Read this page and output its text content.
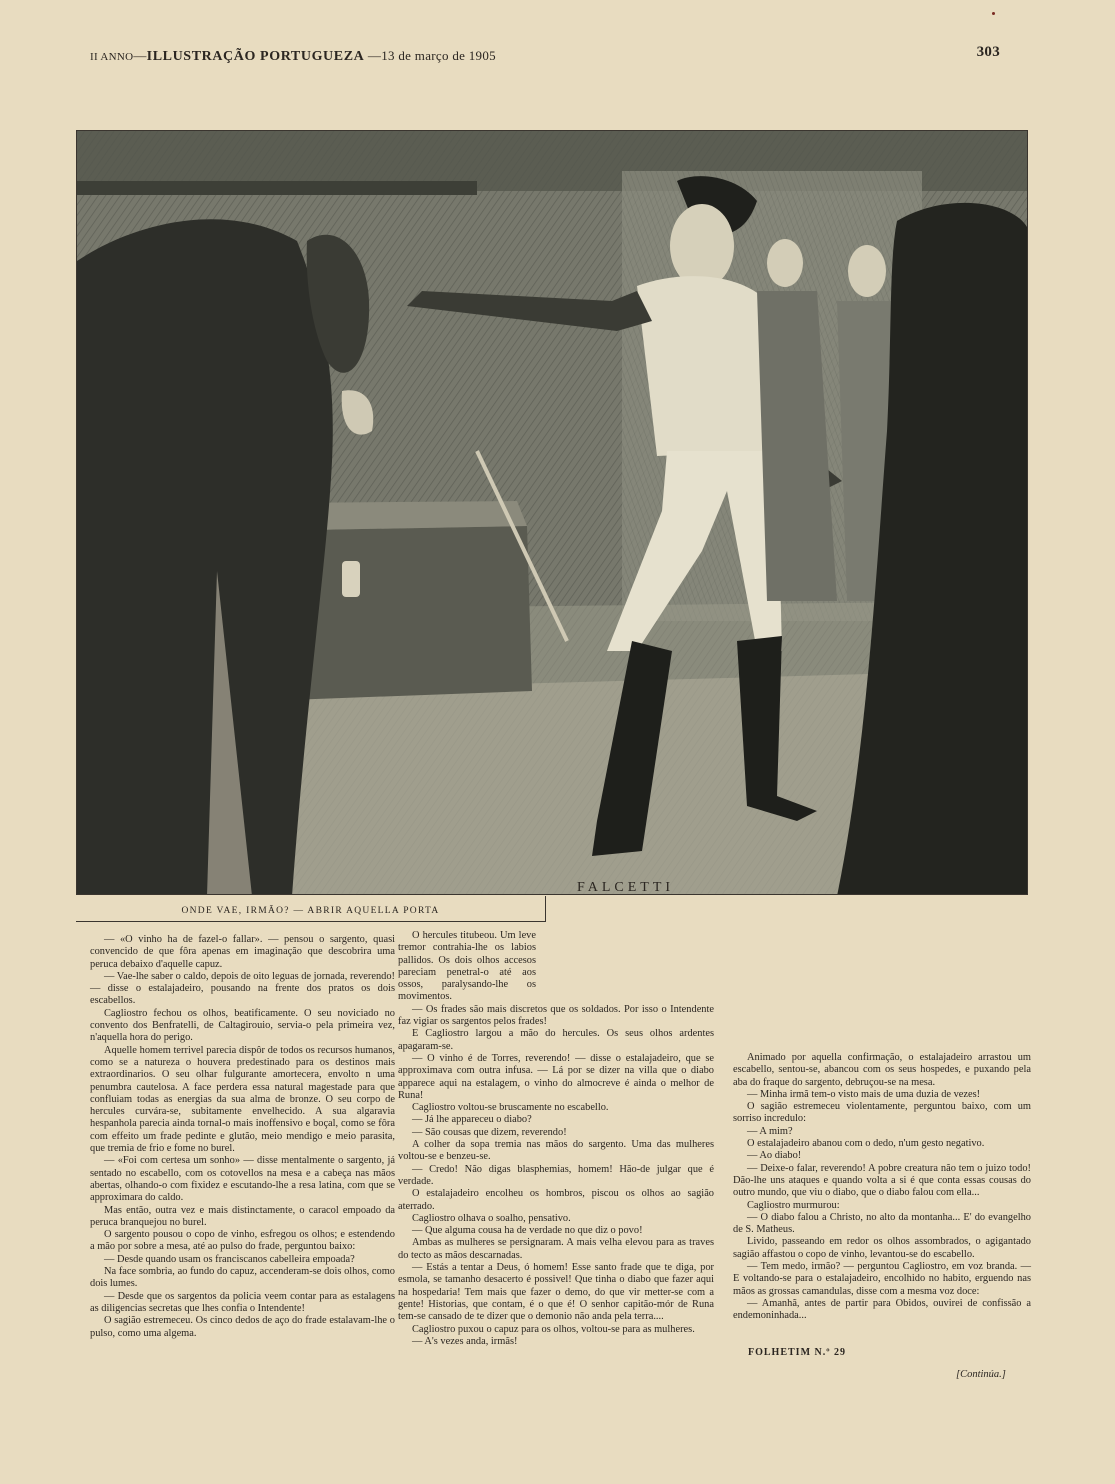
II ANNO—ILLUSTRAÇÃO PORTUGUEZA —13 de março de 1905	303
FALCETTI
ONDE VAE, IRMÃO? — ABRIR AQUELLA PORTA

— «O vinho ha de fazel-o fallar». — pensou o sargento, quasi convencido de que fôra apenas em imaginação que descobrira uma peruca debaixo d'aquelle capuz.

— Vae-lhe saber o caldo, depois de oito leguas de jornada, reverendo! — disse o estalajadeiro, pousando na frente dos pratos os dois escabellos.

Cagliostro fechou os olhos, beatificamente. O seu noviciado no convento dos Benfratelli, de Caltagirouio, servia-o pela primeira vez, n'aquella hora do perigo.

Aquelle homem terrivel parecia dispôr de todos os recursos humanos, como se a natureza o houvera predestinado para os destinos mais extraordinarios. O seu olhar fulgurante amortecera, envolto n uma penumbra cautelosa. A face perdera essa natural magestade para que confluiam todas as energias da sua alma de bronze. O seu corpo de hercules curvára-se, subitamente envelhecido. A sua algaravia hespanhola parecia ainda tornal-o mais inoffensivo e boçal, como se fôra com effeito um frade pedinte e glutão, meio mendigo e meio parasita, que tremia de frio e fome no burel.

— «Foi com certesa um sonho» — disse mentalmente o sargento, já sentado no escabello, com os cotovellos na mesa e a cabeça nas mãos abertas, olhando-o com fixidez e escutando-lhe a resa latina, com que se approximara do caldo.

Mas então, outra vez e mais distinctamente, o caracol empoado da peruca branquejou no burel.

O sargento pousou o copo de vinho, esfregou os olhos; e estendendo a mão por sobre a mesa, até ao pulso do frade, perguntou baixo:

— Desde quando usam os franciscanos cabelleira empoada?

Na face sombria, ao fundo do capuz, accenderam-se dois olhos, como dois lumes.

— Desde que os sargentos da policia veem contar para as estalagens as diligencias secretas que lhes confia o Intendente!

O sagião estremeceu. Os cinco dedos de aço do frade estalavam-lhe o pulso, como uma algema.

O hercules titubeou. Um leve tremor contrahia-lhe os labios pallidos. Os dois olhos accesos pareciam penetral-o até aos ossos, paralysando-lhe os movimentos.

— Os frades são mais discretos que os soldados. Por isso o Intendente faz vigiar os sargentos pelos frades!

E Cagliostro largou a mão do hercules. Os seus olhos ardentes apagaram-se.

— O vinho é de Torres, reverendo! — disse o estalajadeiro, que se approximava com outra infusa. — Lá por se dizer na villa que o diabo apparece aqui na estalagem, o vinho do almocreve é ainda o melhor de Runa!

Cagliostro voltou-se bruscamente no escabello.

— Já lhe appareceu o diabo?

— São cousas que dizem, reverendo!

A colher da sopa tremia nas mãos do sargento. Uma das mulheres voltou-se e benzeu-se.

— Credo! Não digas blasphemias, homem! Hão-de julgar que é verdade.

O estalajadeiro encolheu os hombros, piscou os olhos ao sagião aterrado.

Cagliostro olhava o soalho, pensativo.

— Que alguma cousa ha de verdade no que diz o povo!

Ambas as mulheres se persignaram. A mais velha elevou para as traves do tecto as mãos descarnadas.

— Estás a tentar a Deus, ó homem! Esse santo frade que te diga, por esmola, se tamanho desacerto é possivel! Que tinha o diabo que fazer aqui na hospedaria! Tem mais que fazer o demo, do que vir metter-se com a gente! Historias, que contam, é o que é! O senhor capitão-mór de Runa tem-se cansado de te dizer que o demonio não anda pela terra....

Cagliostro puxou o capuz para os olhos, voltou-se para as mulheres.

— A's vezes anda, irmãs!

Animado por aquella confirmação, o estalajadeiro arrastou um escabello, sentou-se, abancou com os seus hospedes, e puxando pela aba do fraque do sargento, debruçou-se na mesa.

— Minha irmã tem-o visto mais de uma duzia de vezes!

O sagião estremeceu violentamente, perguntou baixo, com um sorriso incredulo:

— A mim?

O estalajadeiro abanou com o dedo, n'um gesto negativo.

— Ao diabo!

— Deixe-o falar, reverendo! A pobre creatura não tem o juizo todo! Dão-lhe uns ataques e quando volta a si é que conta essas cousas do outro mundo, que viu o diabo, que o diabo falou com ella...

Cagliostro murmurou:

— O diabo falou a Christo, no alto da montanha... E' do evangelho de S. Matheus.

Livido, passeando em redor os olhos assombrados, o agigantado sagião affastou o copo de vinho, levantou-se do escabello.

— Tem medo, irmão? — perguntou Cagliostro, em voz branda. — E voltando-se para o estalajadeiro, encolhido no habito, erguendo nas mãos as grossas camandulas, disse com a mesma voz doce:

— Amanhã, antes de partir para Obidos, ouvirei de confissão a endemoninhada...

FOLHETIM N.º 29
[Continúa.]
